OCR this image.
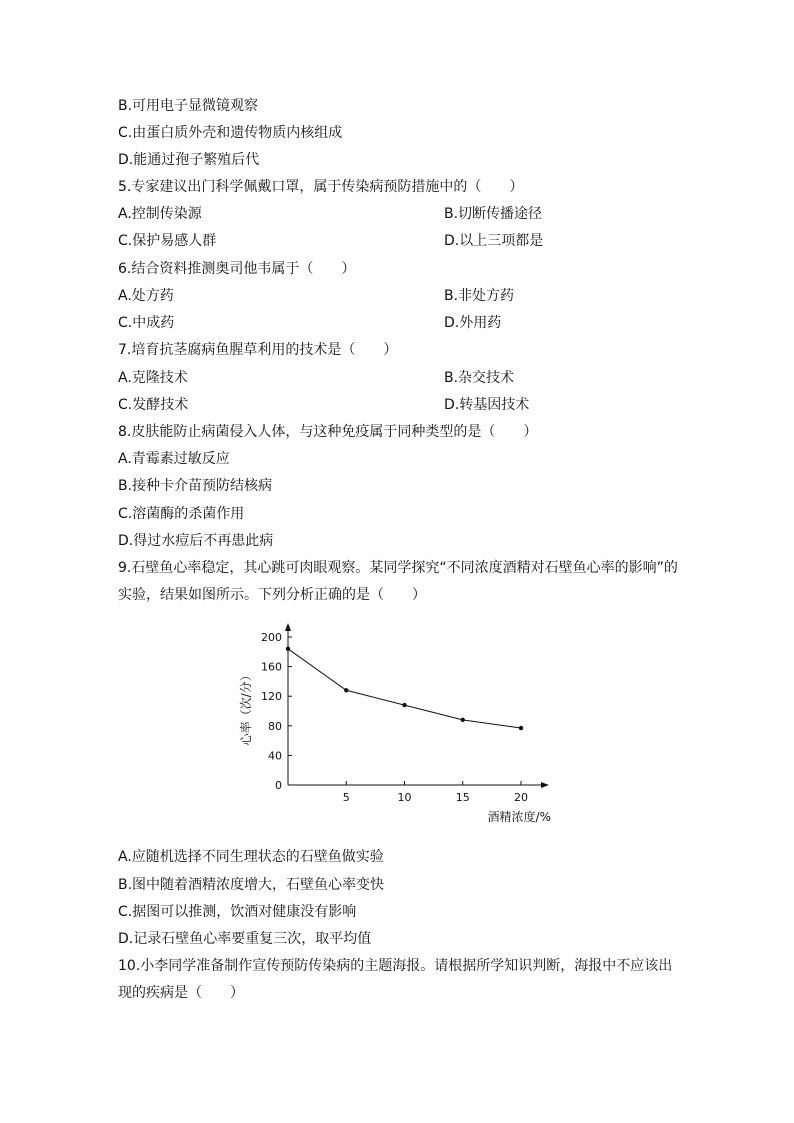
B.可用电子显微镜观察
C.由蛋白质外壳和遗传物质内核组成
D.能通过孢子繁殖后代
5.专家建议出门科学佩戴口罩，属于传染病预防措施中的（　　）
A.控制传染源	B.切断传播途径
C.保护易感人群	D.以上三项都是
6.结合资料推测奥司他韦属于（　　）
A.处方药	B.非处方药
C.中成药	D.外用药
7.培育抗茎腐病鱼腥草利用的技术是（　　）
A.克隆技术	B.杂交技术
C.发酵技术	D.转基因技术
8.皮肤能防止病菌侵入人体，与这种免疫属于同种类型的是（　　）
A.青霉素过敏反应
B.接种卡介苗预防结核病
C.溶菌酶的杀菌作用
D.得过水痘后不再患此病
9.石壁鱼心率稳定，其心跳可肉眼观察。某同学探究“不同浓度酒精对石壁鱼心率的影响”的
实验，结果如图所示。下列分析正确的是（　　）
0
40
80
120
160
200
5	10	15	20
心率（次/分）
酒精浓度/%
A.应随机选择不同生理状态的石壁鱼做实验
B.图中随着酒精浓度增大，石壁鱼心率变快
C.据图可以推测，饮酒对健康没有影响
D.记录石壁鱼心率要重复三次，取平均值
10.小李同学准备制作宣传预防传染病的主题海报。请根据所学知识判断，海报中不应该出
现的疾病是（　　）
